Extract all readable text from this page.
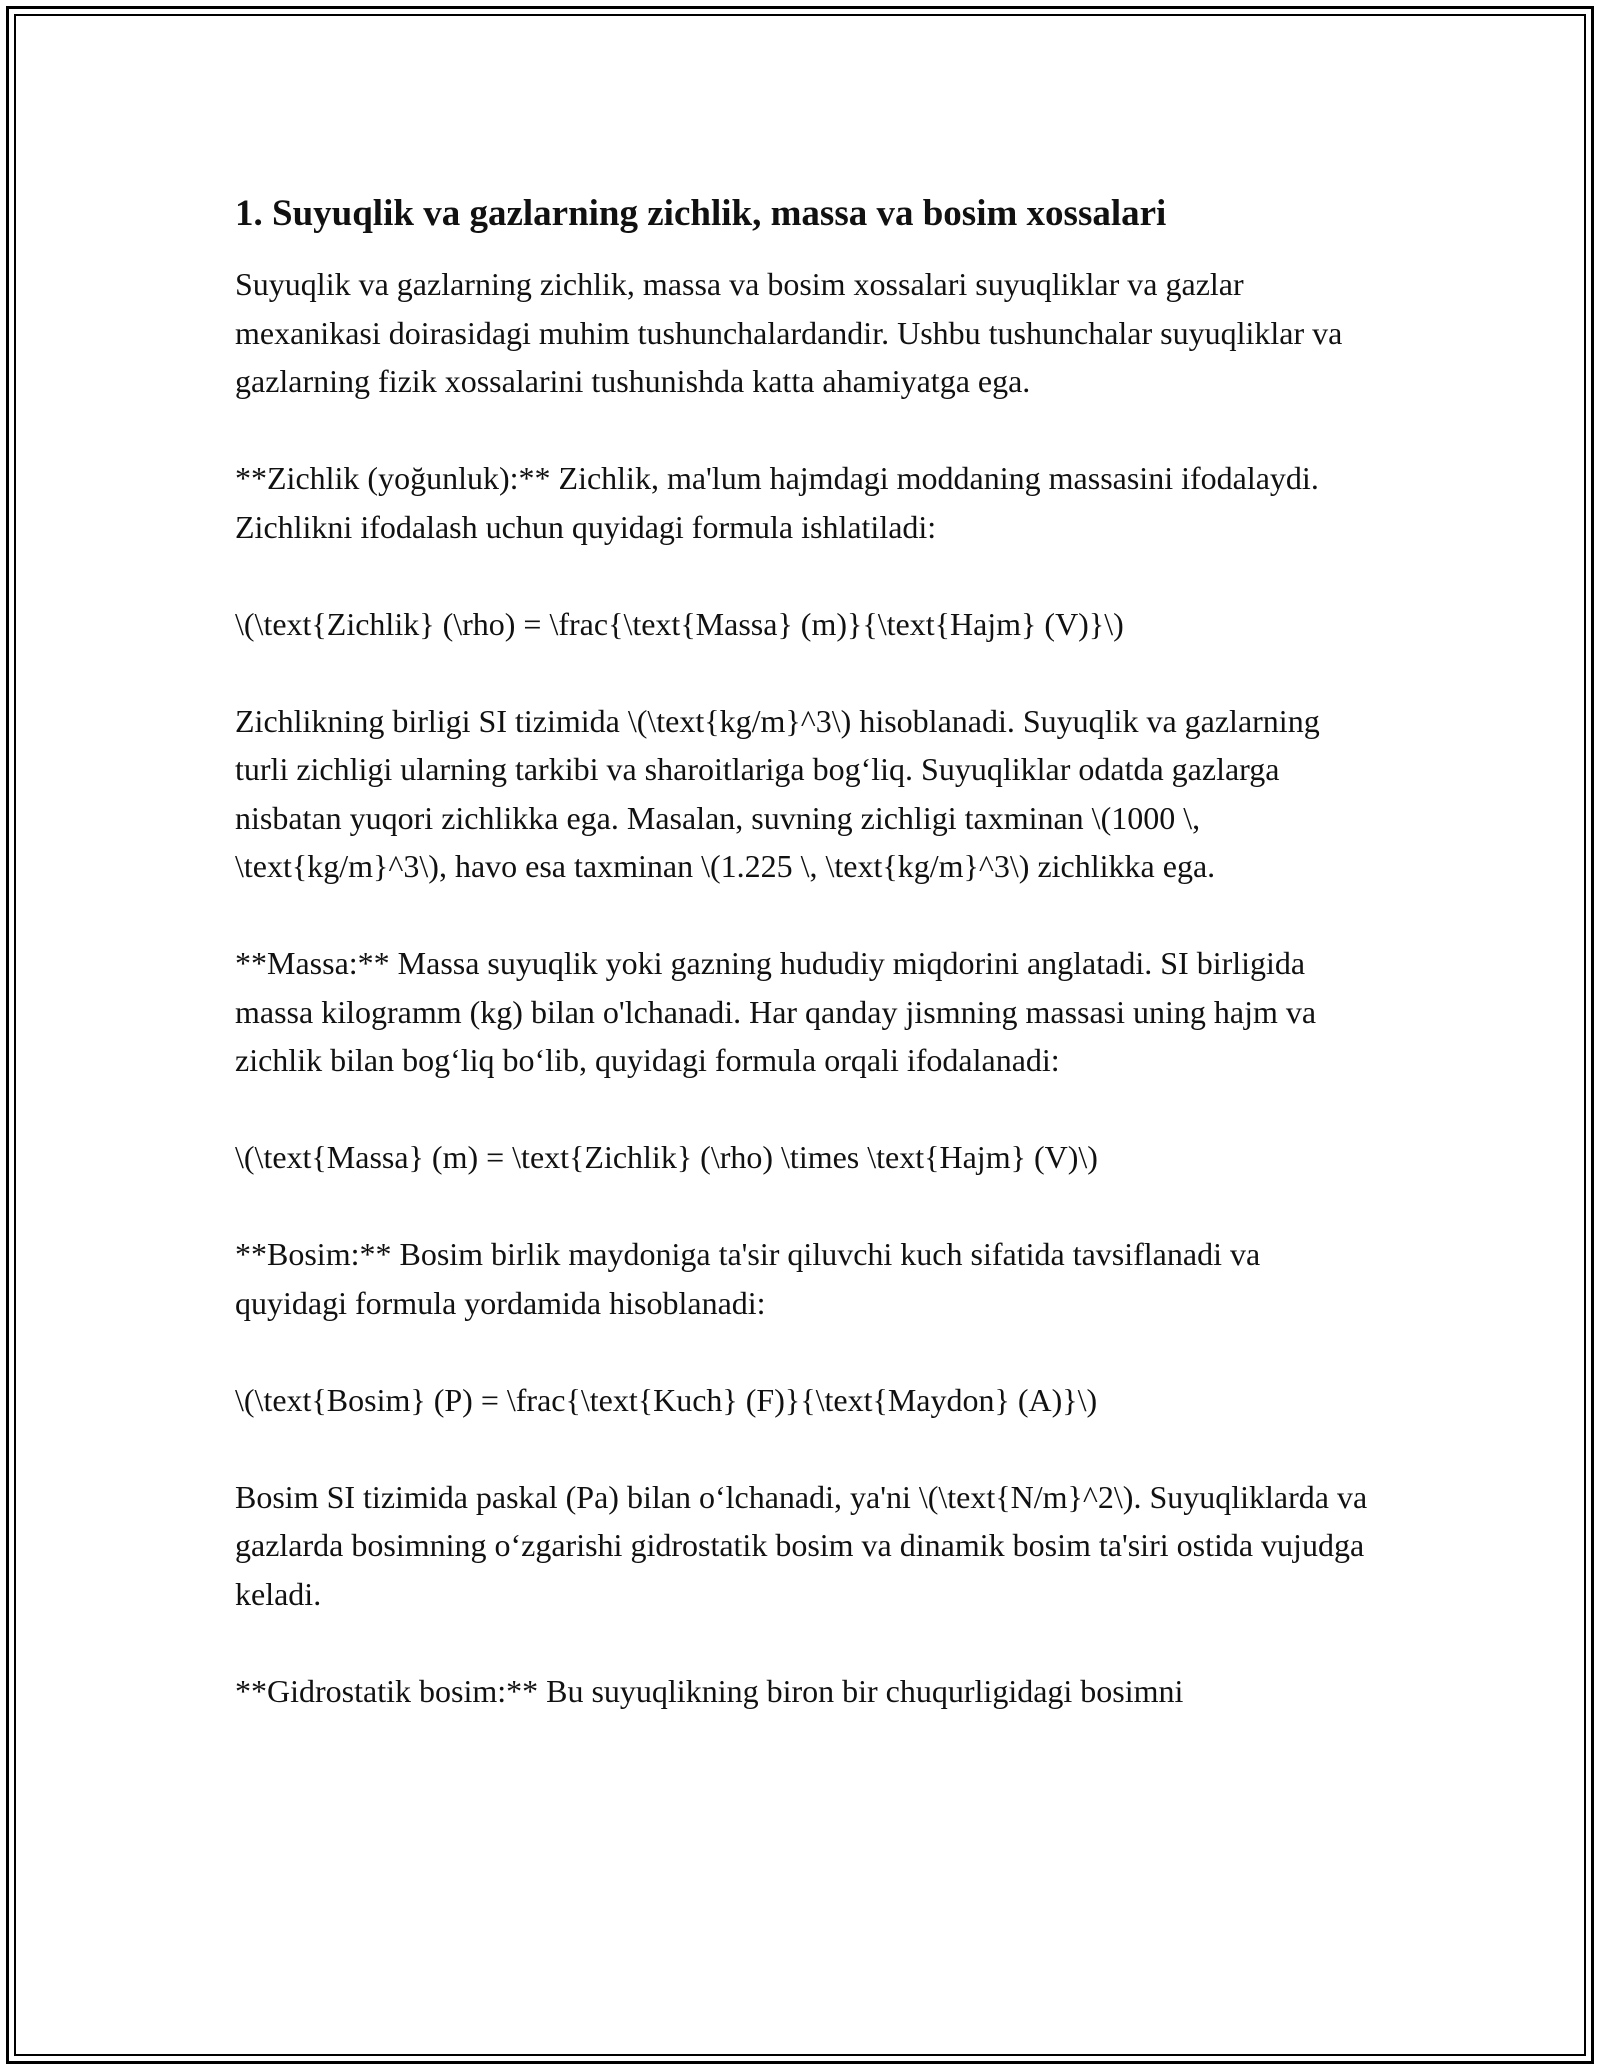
1. Suyuqlik va gazlarning zichlik, massa va bosim xossalari

Suyuqlik va gazlarning zichlik, massa va bosim xossalari suyuqliklar va gazlar mexanikasi doirasidagi muhim tushunchalardandir. Ushbu tushunchalar suyuqliklar va gazlarning fizik xossalarini tushunishda katta ahamiyatga ega.

**Zichlik (yoğunluk):** Zichlik, ma'lum hajmdagi moddaning massasini ifodalaydi. Zichlikni ifodalash uchun quyidagi formula ishlatiladi:

\(\text{Zichlik} (\rho) = \frac{\text{Massa} (m)}{\text{Hajm} (V)}\)

Zichlikning birligi SI tizimida \(\text{kg/m}^3\) hisoblanadi. Suyuqlik va gazlarning turli zichligi ularning tarkibi va sharoitlariga bog‘liq. Suyuqliklar odatda gazlarga nisbatan yuqori zichlikka ega. Masalan, suvning zichligi taxminan \(1000 \, \text{kg/m}^3\), havo esa taxminan \(1.225 \, \text{kg/m}^3\) zichlikka ega.

**Massa:** Massa suyuqlik yoki gazning hududiy miqdorini anglatadi. SI birligida massa kilogramm (kg) bilan o'lchanadi. Har qanday jismning massasi uning hajm va zichlik bilan bog‘liq bo‘lib, quyidagi formula orqali ifodalanadi:

\(\text{Massa} (m) = \text{Zichlik} (\rho) \times \text{Hajm} (V)\)

**Bosim:** Bosim birlik maydoniga ta'sir qiluvchi kuch sifatida tavsiflanadi va quyidagi formula yordamida hisoblanadi:

\(\text{Bosim} (P) = \frac{\text{Kuch} (F)}{\text{Maydon} (A)}\)

Bosim SI tizimida paskal (Pa) bilan o‘lchanadi, ya'ni \(\text{N/m}^2\). Suyuqliklarda va gazlarda bosimning o‘zgarishi gidrostatik bosim va dinamik bosim ta'siri ostida vujudga keladi.

**Gidrostatik bosim:** Bu suyuqlikning biron bir chuqurligidagi bosimni
